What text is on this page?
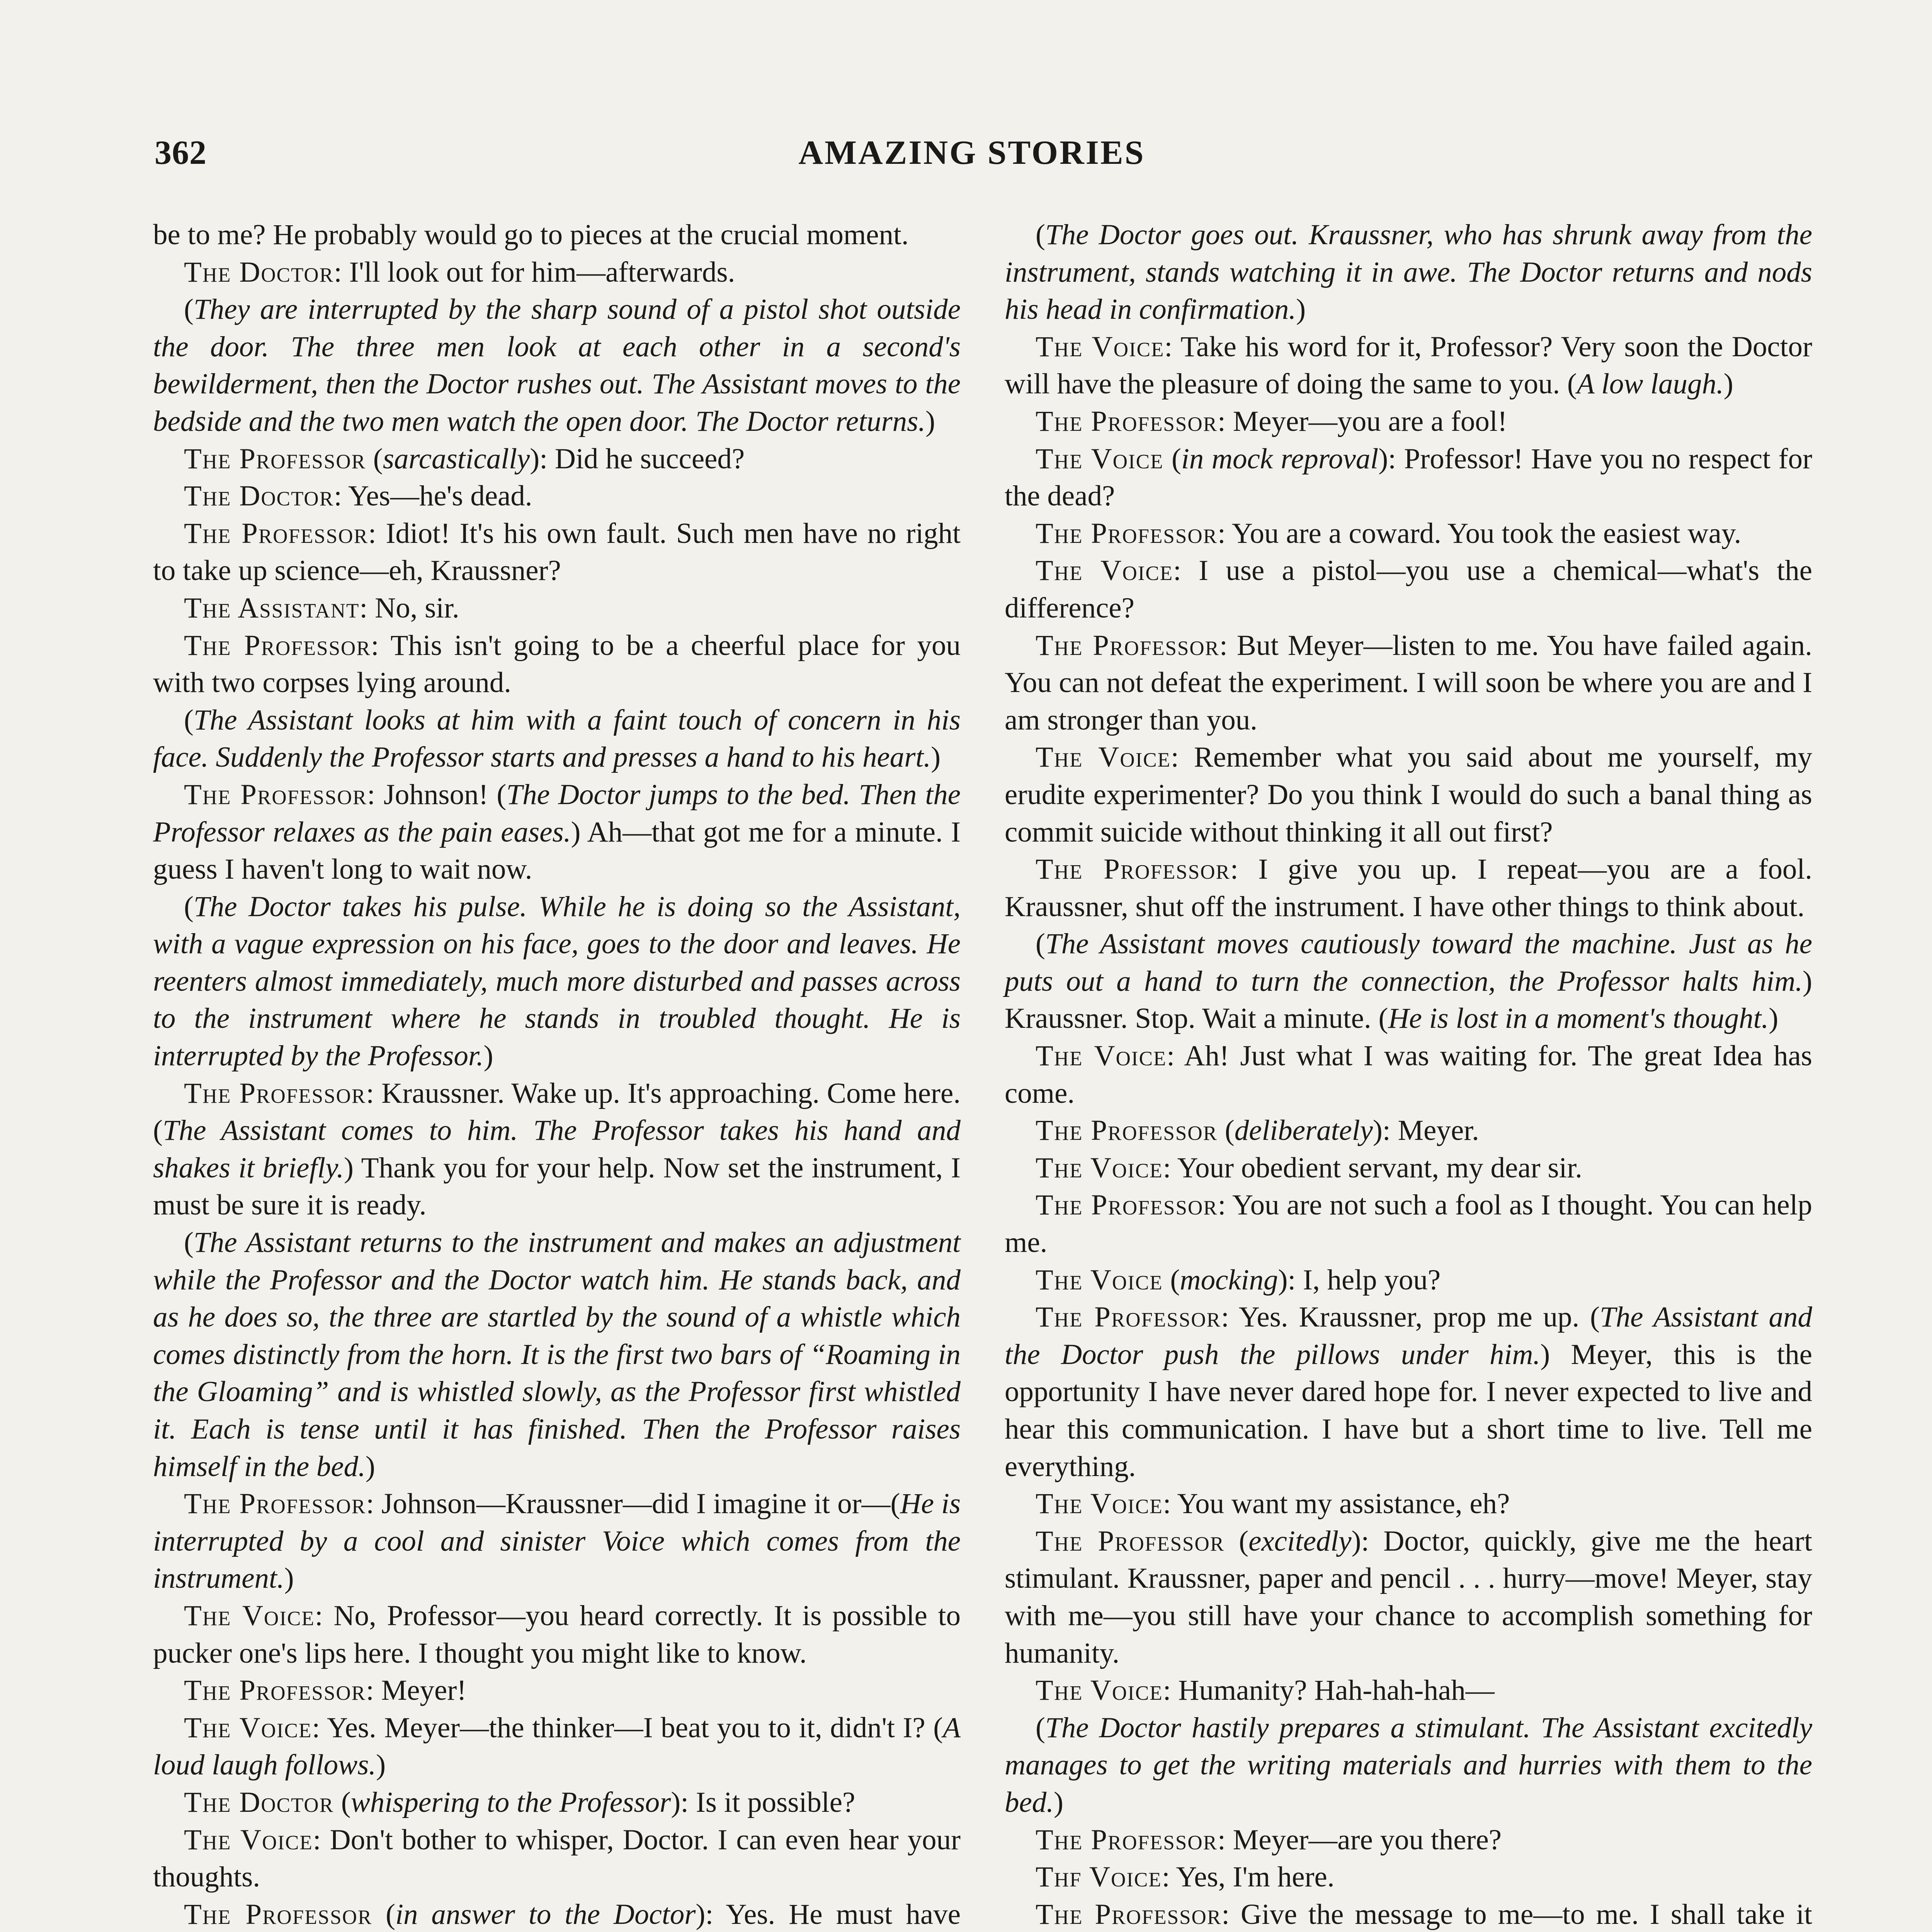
362	AMAZING STORIES

be to me? He probably would go to pieces at the crucial moment.

The Doctor: I'll look out for him—afterwards.

(They are interrupted by the sharp sound of a pistol shot outside the door. The three men look at each other in a second's bewilderment, then the Doctor rushes out. The Assistant moves to the bedside and the two men watch the open door. The Doctor returns.)

The Professor (sarcastically): Did he succeed?

The Doctor: Yes—he's dead.

The Professor: Idiot! It's his own fault. Such men have no right to take up science—eh, Kraussner?

The Assistant: No, sir.

The Professor: This isn't going to be a cheerful place for you with two corpses lying around.

(The Assistant looks at him with a faint touch of concern in his face. Suddenly the Professor starts and presses a hand to his heart.)

The Professor: Johnson! (The Doctor jumps to the bed. Then the Professor relaxes as the pain eases.) Ah—that got me for a minute. I guess I haven't long to wait now.

(The Doctor takes his pulse. While he is doing so the Assistant, with a vague expression on his face, goes to the door and leaves. He reenters almost immediately, much more disturbed and passes across to the instrument where he stands in troubled thought. He is interrupted by the Professor.)

The Professor: Kraussner. Wake up. It's approaching. Come here. (The Assistant comes to him. The Professor takes his hand and shakes it briefly.) Thank you for your help. Now set the instrument, I must be sure it is ready.

(The Assistant returns to the instrument and makes an adjustment while the Professor and the Doctor watch him. He stands back, and as he does so, the three are startled by the sound of a whistle which comes distinctly from the horn. It is the first two bars of “Roaming in the Gloaming” and is whistled slowly, as the Professor first whistled it. Each is tense until it has finished. Then the Professor raises himself in the bed.)

The Professor: Johnson—Kraussner—did I imagine it or—(He is interrupted by a cool and sinister Voice which comes from the instrument.)

The Voice: No, Professor—you heard correctly. It is possible to pucker one's lips here. I thought you might like to know.

The Professor: Meyer!

The Voice: Yes. Meyer—the thinker—I beat you to it, didn't I? (A loud laugh follows.)

The Doctor (whispering to the Professor): Is it possible?

The Voice: Don't bother to whisper, Doctor. I can even hear your thoughts.

The Professor (in answer to the Doctor): Yes. He must have

(The Doctor goes out. Kraussner, who has shrunk away from the instrument, stands watching it in awe. The Doctor returns and nods his head in confirmation.)

The Voice: Take his word for it, Professor? Very soon the Doctor will have the pleasure of doing the same to you. (A low laugh.)

The Professor: Meyer—you are a fool!

The Voice (in mock reproval): Professor! Have you no respect for the dead?

The Professor: You are a coward. You took the easiest way.

The Voice: I use a pistol—you use a chemical—what's the difference?

The Professor: But Meyer—listen to me. You have failed again. You can not defeat the experiment. I will soon be where you are and I am stronger than you.

The Voice: Remember what you said about me yourself, my erudite experimenter? Do you think I would do such a banal thing as commit suicide without thinking it all out first?

The Professor: I give you up. I repeat—you are a fool. Kraussner, shut off the instrument. I have other things to think about.

(The Assistant moves cautiously toward the machine. Just as he puts out a hand to turn the connection, the Professor halts him.) Kraussner. Stop. Wait a minute. (He is lost in a moment's thought.)

The Voice: Ah! Just what I was waiting for. The great Idea has come.

The Professor (deliberately): Meyer.

The Voice: Your obedient servant, my dear sir.

The Professor: You are not such a fool as I thought. You can help me.

The Voice (mocking): I, help you?

The Professor: Yes. Kraussner, prop me up. (The Assistant and the Doctor push the pillows under him.) Meyer, this is the opportunity I have never dared hope for. I never expected to live and hear this communication. I have but a short time to live. Tell me everything.

The Voice: You want my assistance, eh?

The Professor (excitedly): Doctor, quickly, give me the heart stimulant. Kraussner, paper and pencil . . . hurry—move! Meyer, stay with me—you still have your chance to accomplish something for humanity.

The Voice: Humanity? Hah-hah-hah—

(The Doctor hastily prepares a stimulant. The Assistant excitedly manages to get the writing materials and hurries with them to the bed.)

The Professor: Meyer—are you there?

Thf Voice: Yes, I'm here.

The Professor: Give the message to me—to me. I shall take it
